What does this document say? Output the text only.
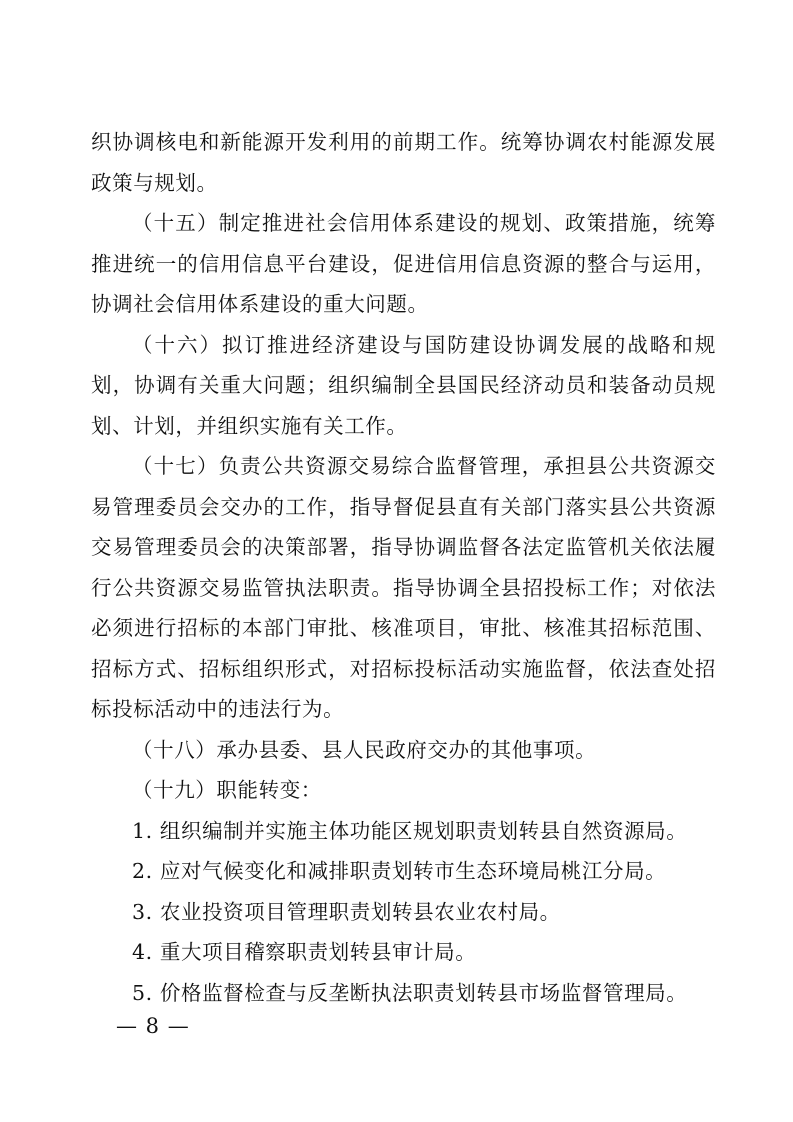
织协调核电和新能源开发利用的前期工作。统筹协调农村能源发展政策与规划。

（十五）制定推进社会信用体系建设的规划、政策措施，统筹推进统一的信用信息平台建设，促进信用信息资源的整合与运用，协调社会信用体系建设的重大问题。

（十六）拟订推进经济建设与国防建设协调发展的战略和规划，协调有关重大问题；组织编制全县国民经济动员和装备动员规划、计划，并组织实施有关工作。

（十七）负责公共资源交易综合监督管理，承担县公共资源交易管理委员会交办的工作，指导督促县直有关部门落实县公共资源交易管理委员会的决策部署，指导协调监督各法定监管机关依法履行公共资源交易监管执法职责。指导协调全县招投标工作；对依法必须进行招标的本部门审批、核准项目，审批、核准其招标范围、招标方式、招标组织形式，对招标投标活动实施监督，依法查处招标投标活动中的违法行为。

（十八）承办县委、县人民政府交办的其他事项。

（十九）职能转变：

1. 组织编制并实施主体功能区规划职责划转县自然资源局。

2. 应对气候变化和减排职责划转市生态环境局桃江分局。

3. 农业投资项目管理职责划转县农业农村局。

4. 重大项目稽察职责划转县审计局。

5. 价格监督检查与反垄断执法职责划转县市场监督管理局。

— 8 —
